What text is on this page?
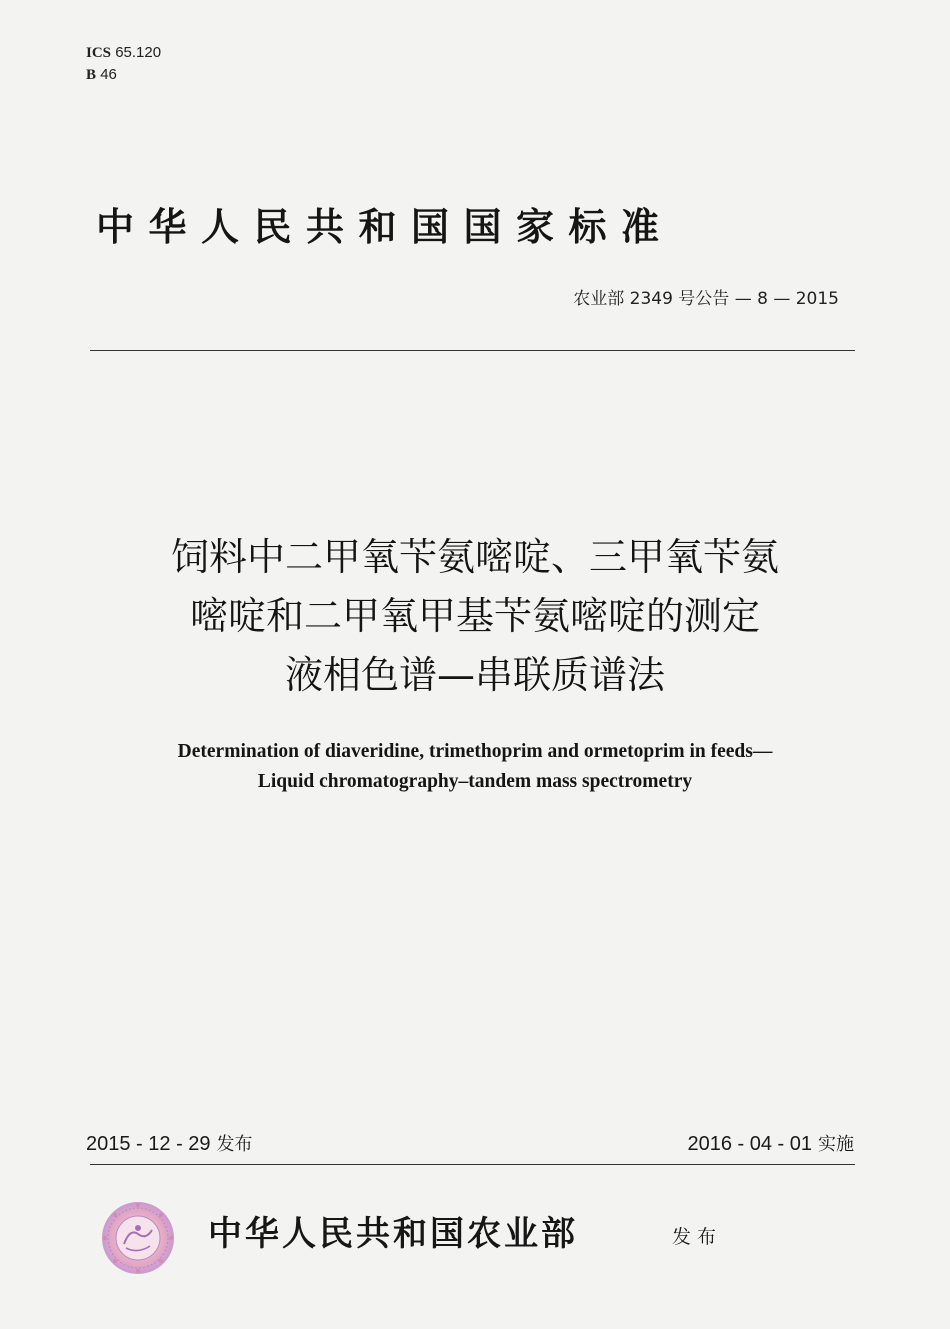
ICS 65.120
B 46
中华人民共和国国家标准
农业部 2349 号公告 — 8 — 2015
饲料中二甲氧苄氨嘧啶、三甲氧苄氨
嘧啶和二甲氧甲基苄氨嘧啶的测定
液相色谱—串联质谱法
Determination of diaveridine, trimethoprim and ormetoprim in feeds—
Liquid chromatography–tandem mass spectrometry
2015 - 12 - 29 发布	2016 - 04 - 01 实施
中华人民共和国农业部	发布
